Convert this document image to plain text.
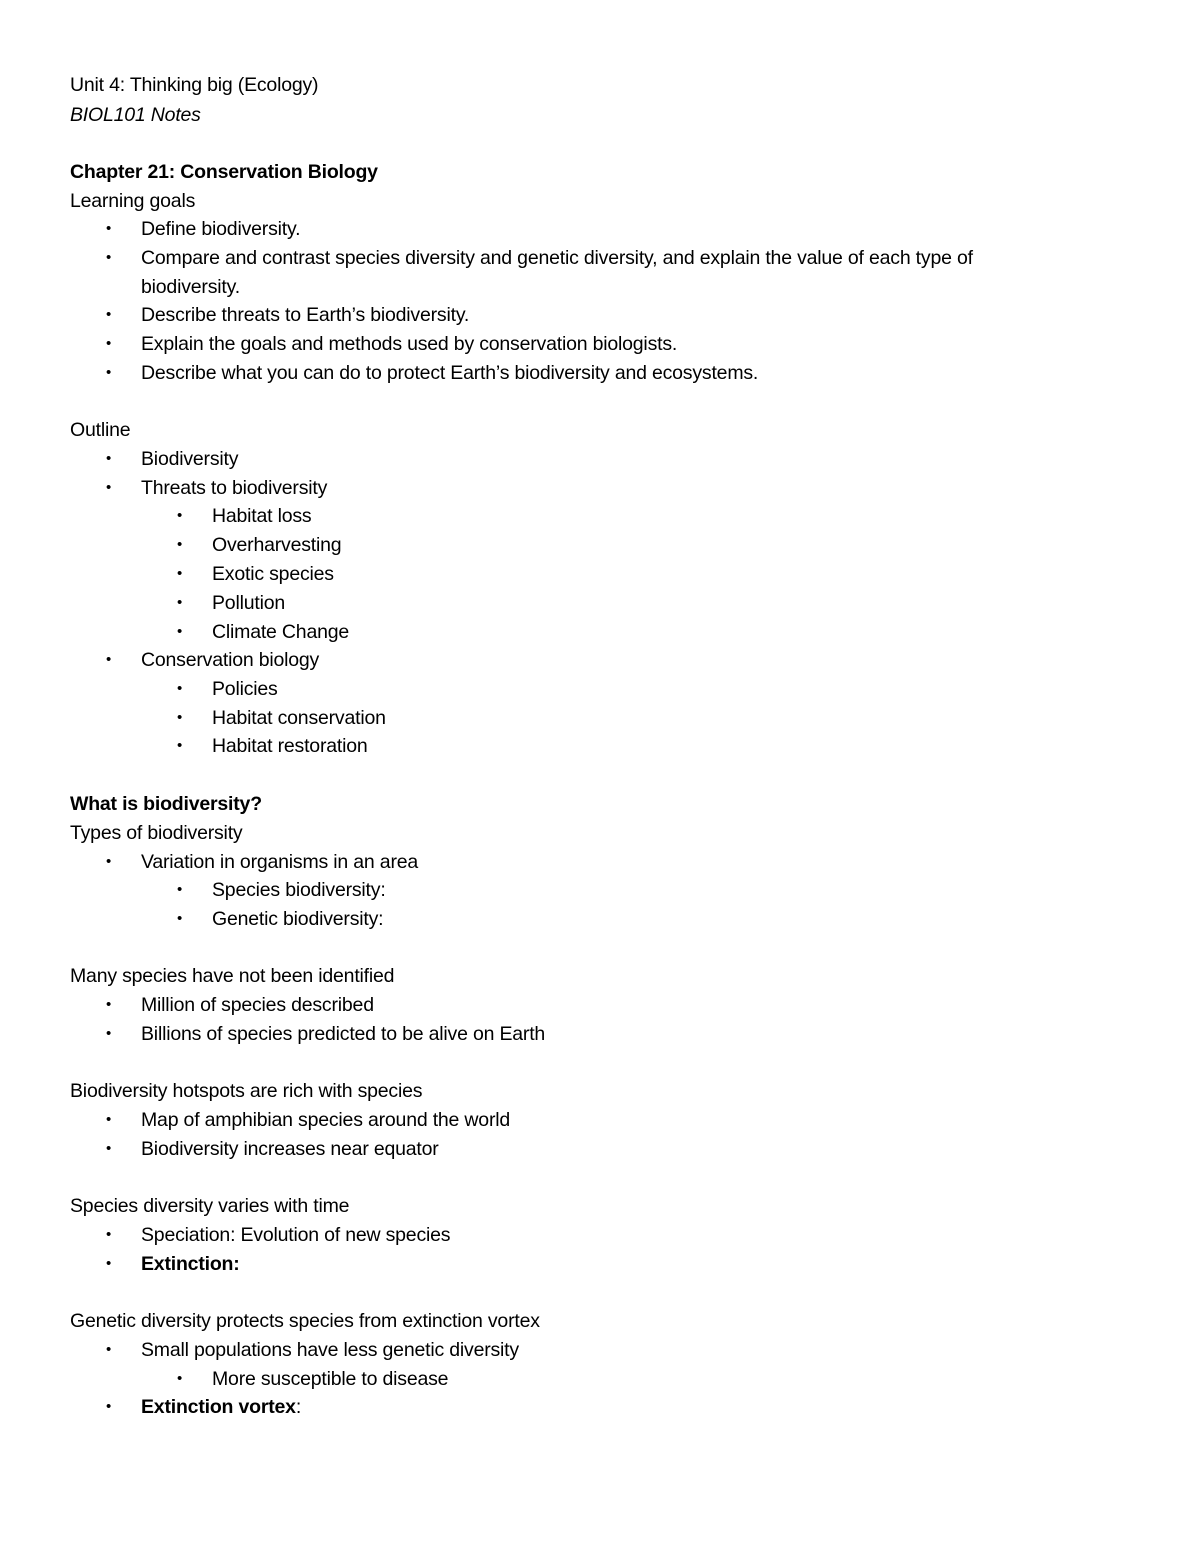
Unit 4: Thinking big (Ecology)
BIOL101 Notes
Chapter 21: Conservation Biology
Learning goals
• Define biodiversity.
• Compare and contrast species diversity and genetic diversity, and explain the value of each type of
biodiversity.
• Describe threats to Earth’s biodiversity.
• Explain the goals and methods used by conservation biologists.
• Describe what you can do to protect Earth’s biodiversity and ecosystems.
Outline
• Biodiversity
• Threats to biodiversity
• Habitat loss
• Overharvesting
• Exotic species
• Pollution
• Climate Change
• Conservation biology
• Policies
• Habitat conservation
• Habitat restoration
What is biodiversity?
Types of biodiversity
• Variation in organisms in an area
• Species biodiversity:
• Genetic biodiversity:
Many species have not been identified
• Million of species described
• Billions of species predicted to be alive on Earth
Biodiversity hotspots are rich with species
• Map of amphibian species around the world
• Biodiversity increases near equator
Species diversity varies with time
• Speciation: Evolution of new species
• Extinction:
Genetic diversity protects species from extinction vortex
• Small populations have less genetic diversity
• More susceptible to disease
• Extinction vortex:
